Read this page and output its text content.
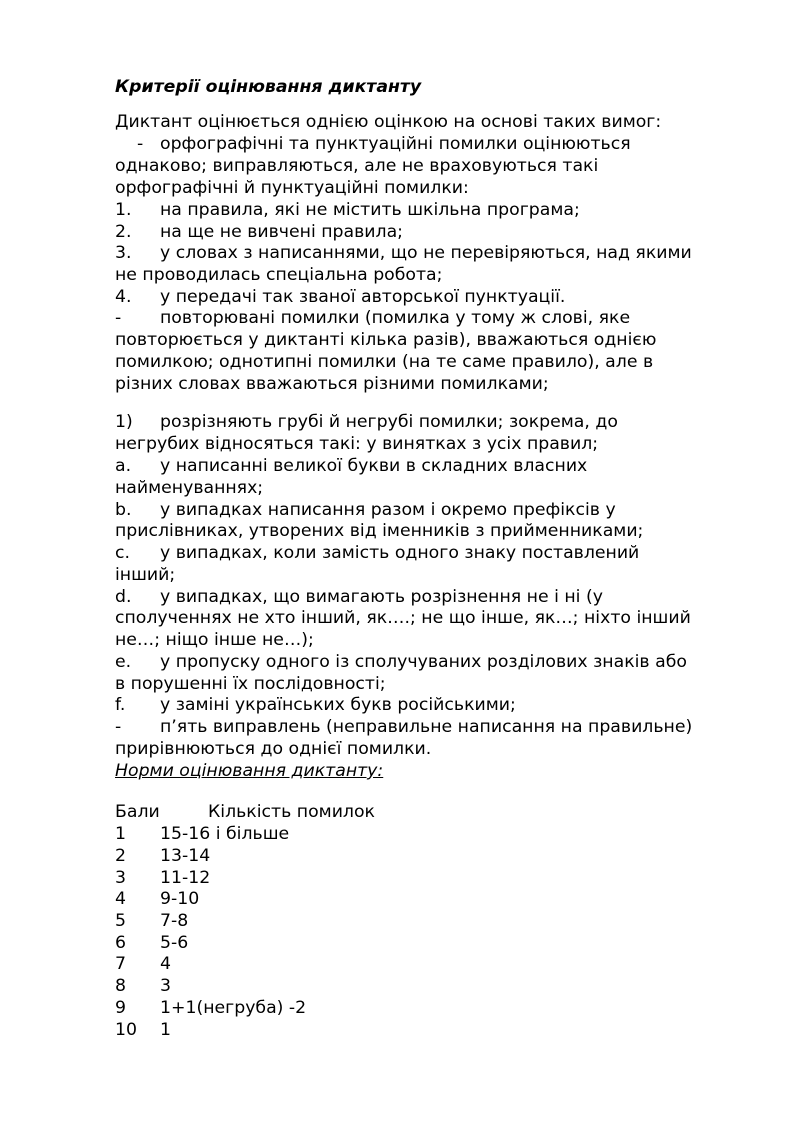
Критерії оцінювання диктанту
Диктант оцінюється однією оцінкою на основі таких вимог:
- орфографічні та пунктуаційні помилки оцінюються
однаково; виправляються, але не враховуються такі
орфографічні й пунктуаційні помилки:
1. на правила, які не містить шкільна програма;
2. на ще не вивчені правила;
3. у словах з написаннями, що не перевіряються, над якими
не проводилась спеціальна робота;
4. у передачі так званої авторської пунктуації.
- повторювані помилки (помилка у тому ж слові, яке
повторюється у диктанті кілька разів), вважаються однією
помилкою; однотипні помилки (на те саме правило), але в
різних словах вважаються різними помилками;
1) розрізняють грубі й негрубі помилки; зокрема, до
негрубих відносяться такі: у винятках з усіх правил;
a. у написанні великої букви в складних власних
найменуваннях;
b. у випадках написання разом і окремо префіксів у
прислівниках, утворених від іменників з прийменниками;
c. у випадках, коли замість одного знаку поставлений
інший;
d. у випадках, що вимагають розрізнення не і ні (у
сполученнях не хто інший, як….; не що інше, як…; ніхто інший
не…; ніщо інше не…);
e. у пропуску одного із сполучуваних розділових знаків або
в порушенні їх послідовності;
f. у заміні українських букв російськими;
- п’ять виправлень (неправильне написання на правильне)
прирівнюються до однієї помилки.
Норми оцінювання диктанту:
Бали	Кількість помилок
1 15-16 і більше
2 13-14
3 11-12
4 9-10
5 7-8
6 5-6
7 4
8 3
9 1+1(негруба) -2
10 1
